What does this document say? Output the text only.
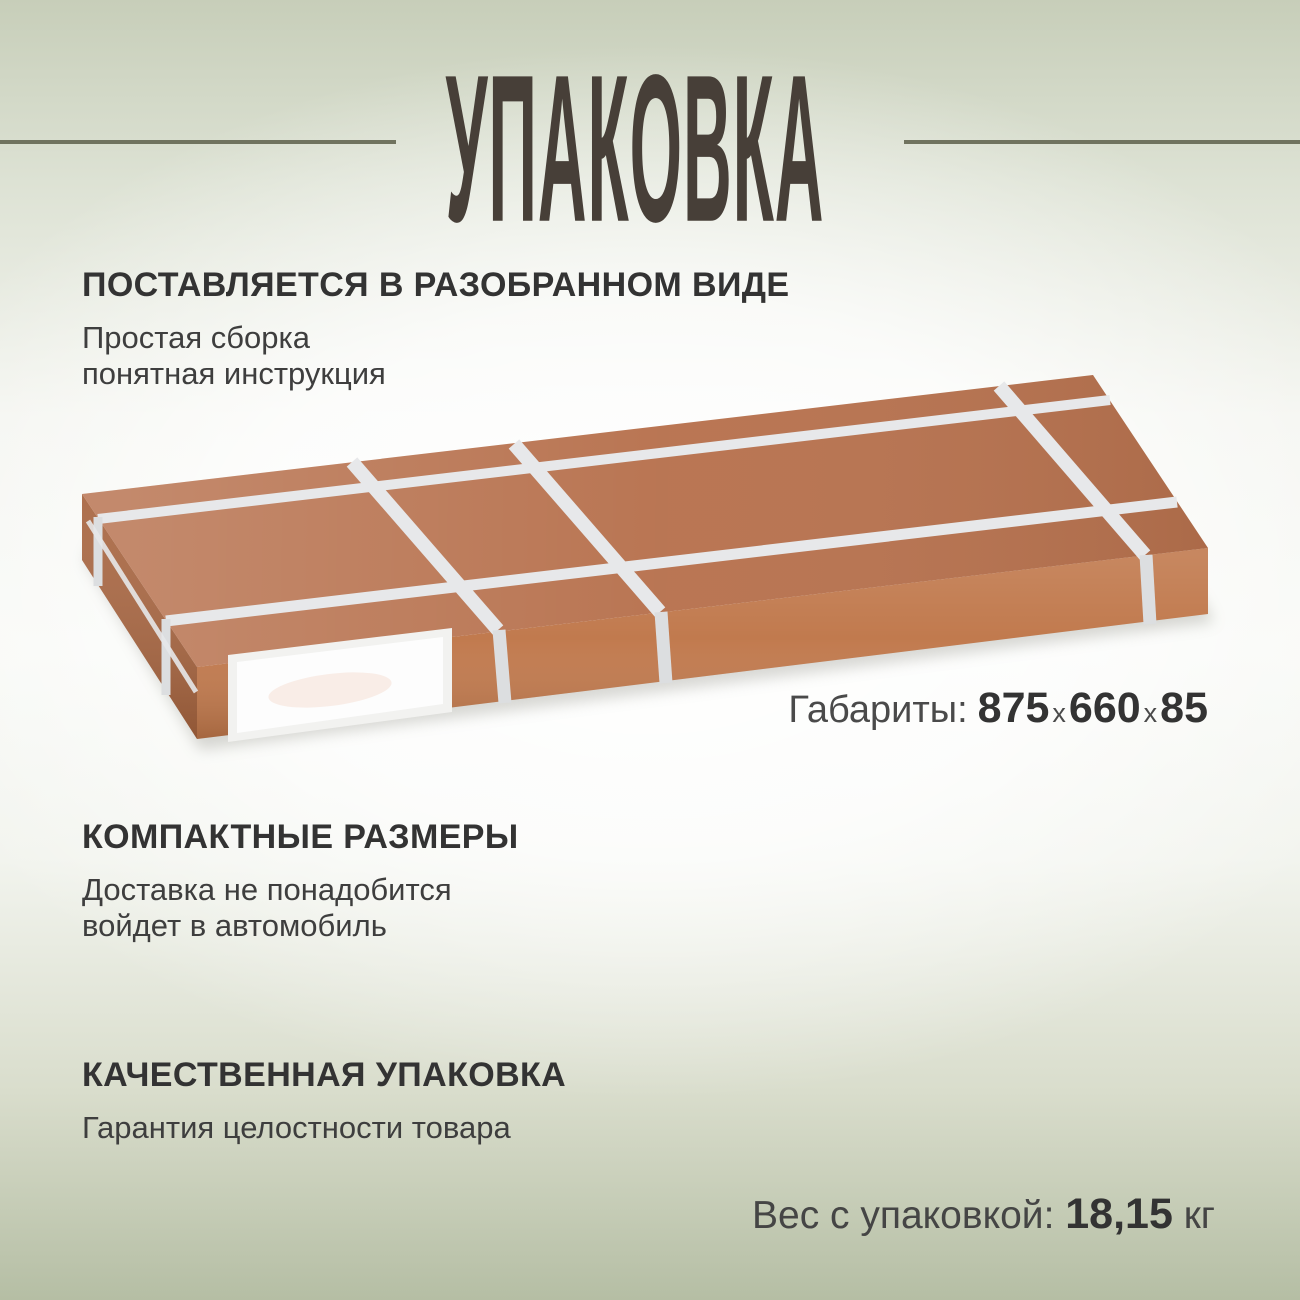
УПАКОВКА
ПОСТАВЛЯЕТСЯ В РАЗОБРАННОМ ВИДЕ

Простая сборка
понятная инструкция

Габариты: 875 х660 х85
КОМПАКТНЫЕ РАЗМЕРЫ

Доставка не понадобится
войдет в автомобиль

КАЧЕСТВЕННАЯ УПАКОВКА

Гарантия целостности товара

Вес с упаковкой: 18,15 кг
